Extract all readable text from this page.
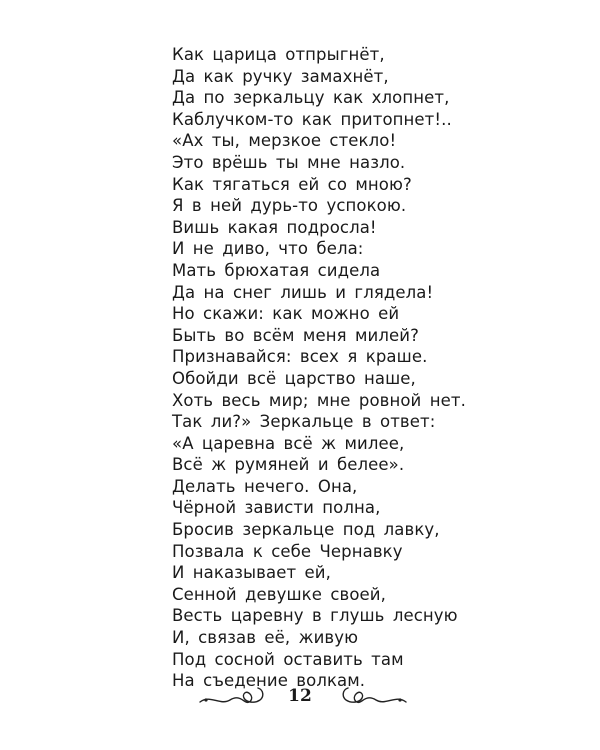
Как царица отпрыгнёт,
Да как ручку замахнёт,
Да по зеркальцу как хлопнет,
Каблучком-то как притопнет!..
«Ах ты, мерзкое стекло!
Это врёшь ты мне назло.
Как тягаться ей со мною?
Я в ней дурь-то успокою.
Вишь какая подросла!
И не диво, что бела:
Мать брюхатая сидела
Да на снег лишь и глядела!
Но скажи: как можно ей
Быть во всём меня милей?
Признавайся: всех я краше.
Обойди всё царство наше,
Хоть весь мир; мне ровной нет.
Так ли?» Зеркальце в ответ:
«А царевна всё ж милее,
Всё ж румяней и белее».
Делать нечего. Она,
Чёрной зависти полна,
Бросив зеркальце под лавку,
Позвала к себе Чернавку
И наказывает ей,
Сенной девушке своей,
Весть царевну в глушь лесную
И, связав её, живую
Под сосной оставить там
На съедение волкам.
12
